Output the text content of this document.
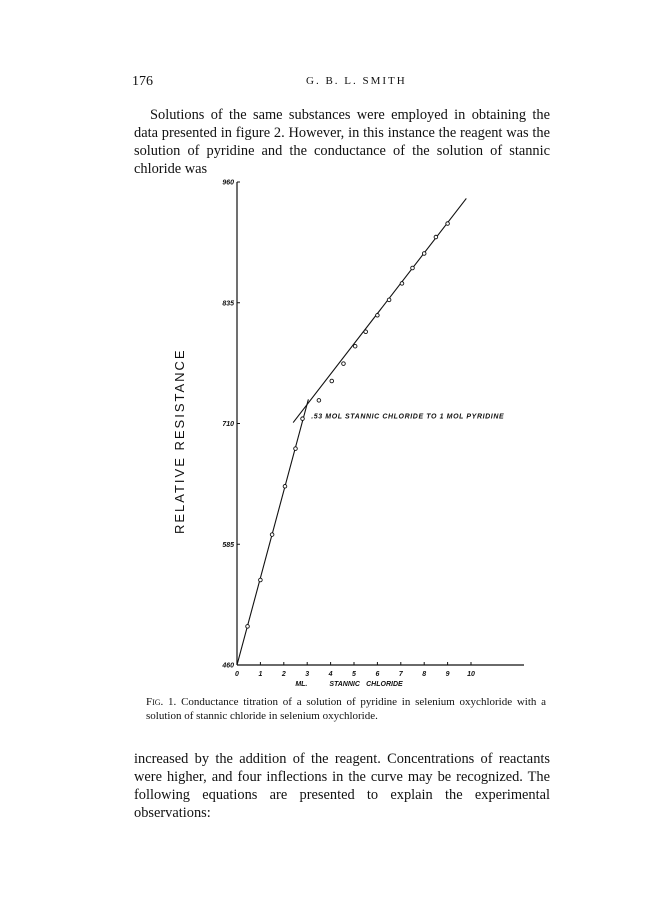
176	G. B. L. SMITH

Solutions of the same substances were employed in obtaining the data presented in figure 2. However, in this instance the reagent was the solution of pyridine and the conductance of the solution of stannic chloride was

460
585
710
835
960
0	1	2	3	4	5	6	7	8	9	10
ML.	STANNIC CHLORIDE
.53 MOL STANNIC CHLORIDE TO 1 MOL PYRIDINE
RELATIVE RESISTANCE

Fig. 1. Conductance titration of a solution of pyridine in selenium oxychloride with a solution of stannic chloride in selenium oxychloride.

increased by the addition of the reagent. Concentrations of reactants were higher, and four inflections in the curve may be recognized. The following equations are presented to explain the experimental observations:
